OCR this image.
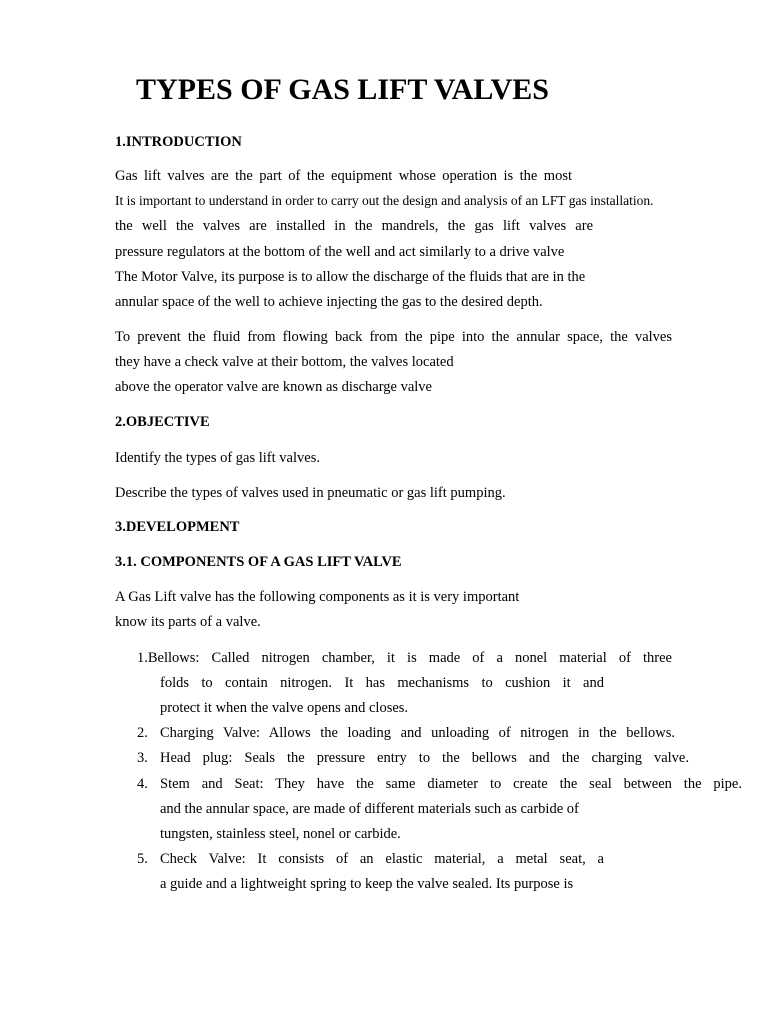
TYPES OF GAS LIFT VALVES
1.INTRODUCTION
Gas lift valves are the part of the equipment whose operation is the most
It is important to understand in order to carry out the design and analysis of an LFT gas installation.
the well the valves are installed in the mandrels, the gas lift valves are
pressure regulators at the bottom of the well and act similarly to a drive valve
The Motor Valve, its purpose is to allow the discharge of the fluids that are in the
annular space of the well to achieve injecting the gas to the desired depth.
To prevent the fluid from flowing back from the pipe into the annular space, the valves
they have a check valve at their bottom, the valves located
above the operator valve are known as discharge valve
2.OBJECTIVE
Identify the types of gas lift valves.
Describe the types of valves used in pneumatic or gas lift pumping.
3.DEVELOPMENT
3.1. COMPONENTS OF A GAS LIFT VALVE
A Gas Lift valve has the following components as it is very important
know its parts of a valve.
1.Bellows: Called nitrogen chamber, it is made of a nonel material of three
folds to contain nitrogen. It has mechanisms to cushion it and
protect it when the valve opens and closes.
2. Charging Valve: Allows the loading and unloading of nitrogen in the bellows.
3. Head plug: Seals the pressure entry to the bellows and the charging valve.
4. Stem and Seat: They have the same diameter to create the seal between the pipe.
and the annular space, are made of different materials such as carbide of
tungsten, stainless steel, nonel or carbide.
5. Check Valve: It consists of an elastic material, a metal seat, a
a guide and a lightweight spring to keep the valve sealed. Its purpose is
